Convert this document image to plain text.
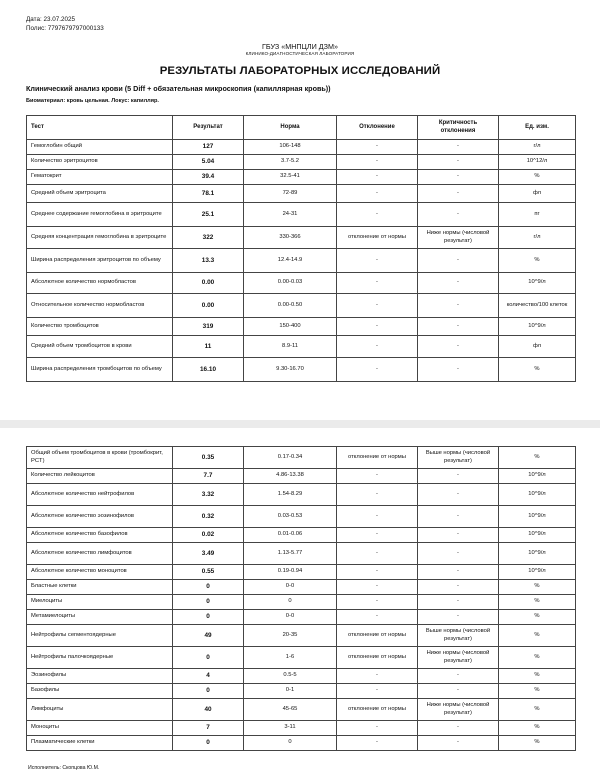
Дата: 23.07.2025
Полис: 7797679797000133
ГБУЗ «МНПЦЛИ ДЗМ»
КЛИНИКО-ДИАГНОСТИЧЕСКАЯ ЛАБОРАТОРИЯ
РЕЗУЛЬТАТЫ ЛАБОРАТОРНЫХ ИССЛЕДОВАНИЙ
Клинический анализ крови (5 Diff + обязательная микроскопия (капиллярная кровь))
Биоматериал: кровь цельная. Локус: капилляр.
Тест	Результат	Норма	Отклонение	Критичность отклонения	Ед. изм.
Гемоглобин общий	127	106-148	-	-	г/л
Количество эритроцитов	5.04	3.7-5.2	-	-	10^12/л
Гематокрит	39.4	32.5-41	-	-	%
Средний объем эритроцита	78.1	72-89	-	-	фл
Среднее содержание гемоглобина в эритроците	25.1	24-31	-	-	пг
Средняя концентрация гемоглобина в эритроците	322	330-366	отклонение от нормы	Ниже нормы (числовой результат)	г/л
Ширина распределения эритроцитов по объему	13.3	12.4-14.9	-	-	%
Абсолютное количество нормобластов	0.00	0.00-0.03	-	-	10^9/л
Относительное количество нормобластов	0.00	0.00-0.50	-	-	количество/100 клеток
Количество тромбоцитов	319	150-400	-	-	10^9/л
Средний объем тромбоцитов в крови	11	8.9-11	-	-	фл
Ширина распределения тромбоцитов по объему	16.10	9.30-16.70	-	-	%
Общий объем тромбоцитов в крови (тромбокрит, PCT)	0.35	0.17-0.34	отклонение от нормы	Выше нормы (числовой результат)	%
Количество лейкоцитов	7.7	4.86-13.38	-	-	10^9/л
Абсолютное количество нейтрофилов	3.32	1.54-8.29	-	-	10^9/л
Абсолютное количество эозинофилов	0.32	0.03-0.53	-	-	10^9/л
Абсолютное количество базофилов	0.02	0.01-0.06	-	-	10^9/л
Абсолютное количество лимфоцитов	3.49	1.13-5.77	-	-	10^9/л
Абсолютное количество моноцитов	0.55	0.19-0.94	-	-	10^9/л
Бластные клетки	0	0-0	-	-	%
Миелоциты	0	0	-	-	%
Метамиелоциты	0	0-0	-	-	%
Нейтрофилы сегментоядерные	49	20-35	отклонение от нормы	Выше нормы (числовой результат)	%
Нейтрофилы палочкоядерные	0	1-6	отклонение от нормы	Ниже нормы (числовой результат)	%
Эозинофилы	4	0.5-5	-	-	%
Базофилы	0	0-1	-	-	%
Лимфоциты	40	45-65	отклонение от нормы	Ниже нормы (числовой результат)	%
Моноциты	7	3-11	-	-	%
Плазматические клетки	0	0	-	-	%
Исполнитель: Скопцова Ю.М.
